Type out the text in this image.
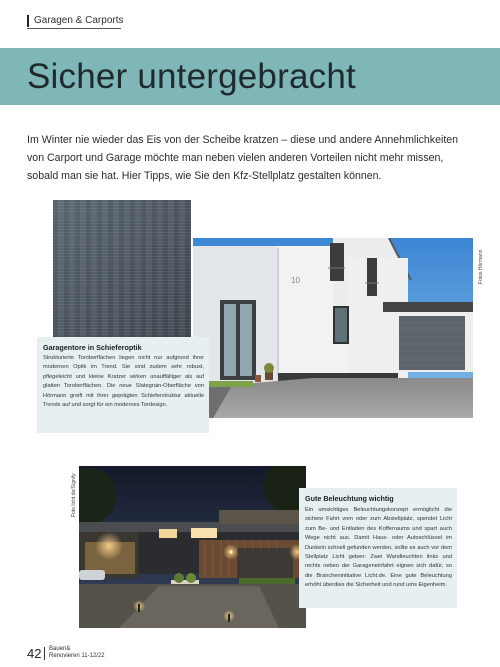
Garagen & Carports
Sicher untergebracht
Im Winter nie wieder das Eis von der Scheibe kratzen – diese und andere Annehmlichkeiten von Carport und Garage möchte man neben vielen anderen Vorteilen nicht mehr missen, sobald man sie hat. Hier Tipps, wie Sie den Kfz-Stellplatz gestalten können.
10	Fotos Hörmann
Garagentore in Schieferoptik
Strukturierte Toroberflächen liegen nicht nur aufgrund ihrer modernen Optik im Trend. Sie sind zudem sehr robust, pflegeleicht und kleine Kratzer wirken unauffälliger als auf glatten Toroberflächen. Die neue Slategrain-Oberfläche von Hörmann greift mit ihrer geprägten Schieferstruktur aktuelle Trends auf und sorgt für ein modernes Tordesign.
Foto licht.de/Signify	Gute Beleuchtung wichtig
Ein umsichtiges Beleuchtungskonzept ermöglicht die sichere Fahrt vom oder zum Abstellplatz, spendet Licht zum Be- und Entladen des Kofferraums und spart auch Wege nicht aus. Damit Haus- oder Autoschlüssel im Dunkeln schnell gefunden werden, sollte es auch vor dem Stellplatz Licht geben: Zwei Wandleuchten links und rechts neben der Garageneinfahrt eignen sich dafür, so die Brancheninitiative Licht.de. Eine gute Beleuchtung erhöht überdies die Sicherheit und rund ums Eigenheim.
42 Bauen&
Renovieren 11-12/22
